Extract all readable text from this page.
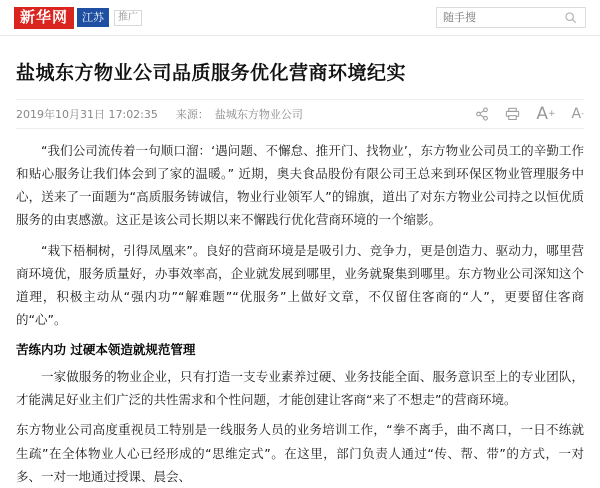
新华网	江苏	推广
随手搜
盐城东方物业公司品质服务优化营商环境纪实
2019年10月31日 17:02:35 来源： 盐城东方物业公司	A + A -

“我们公司流传着一句顺口溜：‘遇问题、不懈怠、推开门、找物业’，东方物业公司员工的辛勤工作和贴心服务让我们体会到了家的温暖。” 近期，奥夫食品股份有限公司王总来到环保区物业管理服务中心，送来了一面题为“高质服务铸诚信，物业行业领军人”的锦旗，道出了对东方物业公司持之以恒优质服务的由衷感激。这正是该公司长期以来不懈践行优化营商环境的一个缩影。

“栽下梧桐树，引得凤凰来”。良好的营商环境是是吸引力、竞争力，更是创造力、驱动力，哪里营商环境优，服务质量好，办事效率高，企业就发展到哪里，业务就聚集到哪里。东方物业公司深知这个道理，积极主动从“强内功”“解难题”“优服务”上做好文章，不仅留住客商的“人”，更要留住客商的“心”。

苦练内功 过硬本领造就规范管理

一家做服务的物业企业，只有打造一支专业素养过硬、业务技能全面、服务意识至上的专业团队，才能满足好业主们广泛的共性需求和个性问题，才能创建让客商“来了不想走”的营商环境。

东方物业公司高度重视员工特别是一线服务人员的业务培训工作，“拳不离手，曲不离口，一日不练就生疏”在全体物业人心已经形成的“思维定式”。在这里，部门负责人通过“传、帮、带”的方式，一对多、一对一地通过授课、晨会、
